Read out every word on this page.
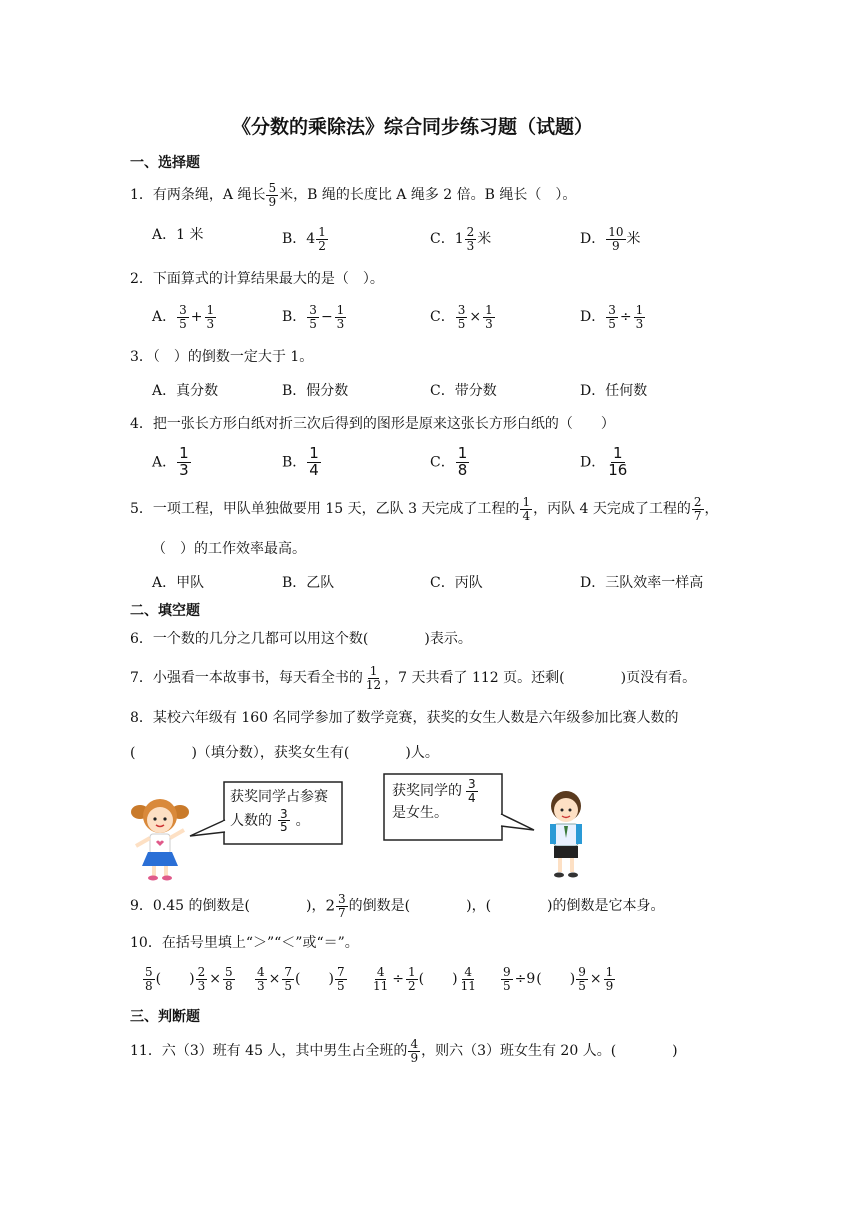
《分数的乘除法》综合同步练习题（试题）
一、选择题
1．有两条绳，A 绳长 $\frac{5}{9}$ 米，B 绳的长度比 A 绳多 2 倍。B 绳长（　）。
A．1 米	B．$4 \frac{1}{2}$	C．$1 \frac{2}{3}$ 米	D． $\frac{10}{9}$ 米
2．下面算式的计算结果最大的是（　）。
A． $\frac{3}{5} + \frac{1}{3}$	B． $\frac{3}{5} - \frac{1}{3}$	C． $\frac{3}{5} \times \frac{1}{3}$	D． $\frac{3}{5} \div \frac{1}{3}$
3．（　）的倒数一定大于 1。
A．真分数	B．假分数	C．带分数	D．任何数
4．把一张长方形白纸对折三次后得到的图形是原来这张长方形白纸的（　　）
A． $\frac{1}{3}$	B． $\frac{1}{4}$	C． $\frac{1}{8}$	D． $\frac{1}{16}$
5．一项工程，甲队单独做要用 15 天，乙队 3 天完成了工程的 $\frac{1}{4}$ ，丙队 4 天完成了工程的 $\frac{2}{7}$ ，
（　）的工作效率最高。
A．甲队	B．乙队	C．丙队	D．三队效率一样高
二、填空题
6．一个数的几分之几都可以用这个数(　　　　)表示。
7．小强看一本故事书，每天看全书的 $\frac{1}{12}$ ，7 天共看了 112 页。还剩(　　　　)页没有看。
8．某校六年级有 160 名同学参加了数学竞赛，获奖的女生人数是六年级参加比赛人数的
(　　　　)（填分数），获奖女生有(　　　　)人。
获奖同学占参赛
人数的 $\frac{3}{5}$ 。
获奖同学的 $\frac{3}{4}$
是女生。
9．0.45 的倒数是(　　　　)，$2 \frac{3}{7}$ 的倒数是(　　　　)，(　　　　)的倒数是它本身。
10．在括号里填上“＞”“＜”或“＝”。
$\frac{5}{8}$ (　　) $\frac{2}{3} \times \frac{5}{8} \frac{4}{3} \times \frac{7}{5}$ (　　) $\frac{7}{5} \frac{4}{11} \div \frac{1}{2}$ (　　) $\frac{4}{11} \frac{9}{5} \div 9$(　　) $\frac{9}{5} \times \frac{1}{9}$
三、判断题
11．六（3）班有 45 人，其中男生占全班的 $\frac{4}{9}$ ，则六（3）班女生有 20 人。(　　　　)
